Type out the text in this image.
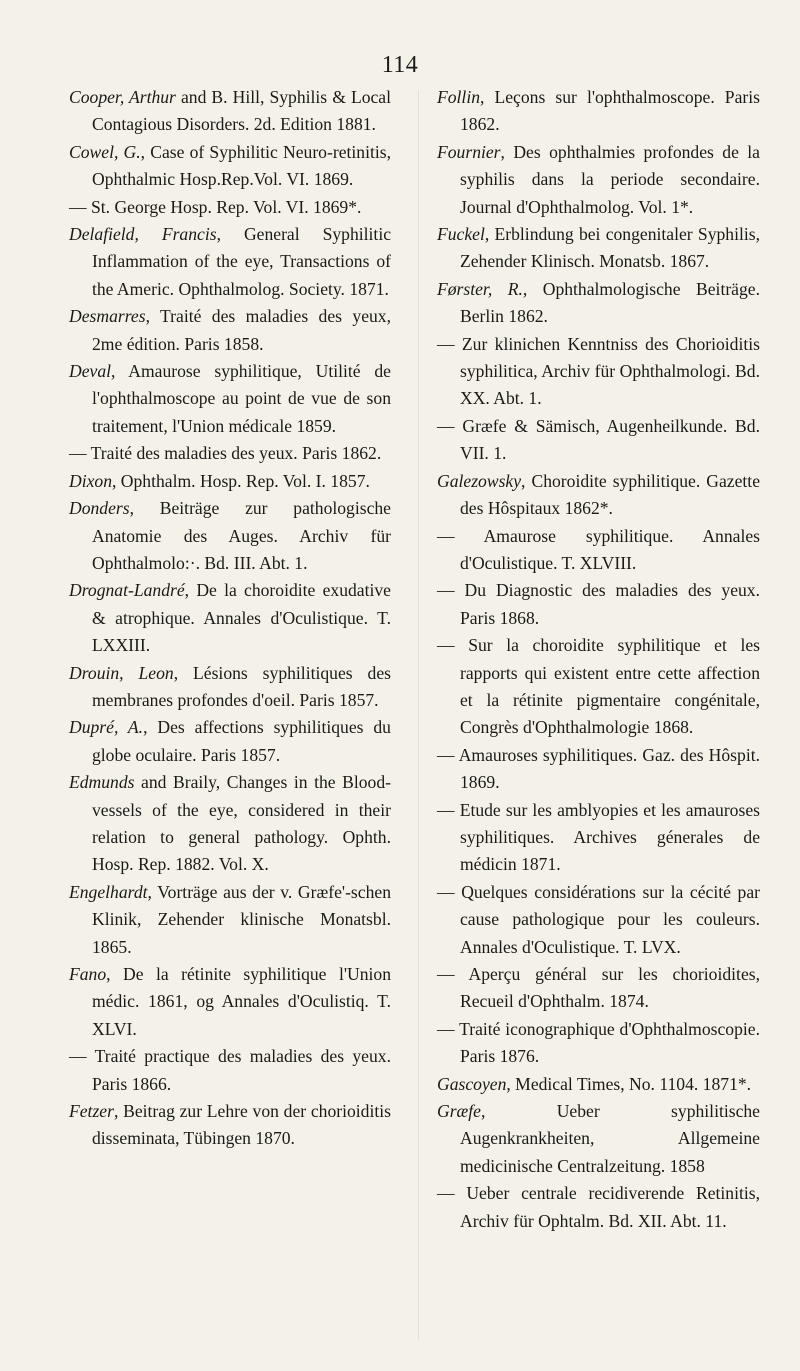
114
Cooper, Arthur and B. Hill, Syphilis & Local Contagious Disorders. 2d. Edition 1881.
Cowel, G., Case of Syphilitic Neuro-retinitis, Ophthalmic Hosp.Rep.Vol. VI. 1869.
— St. George Hosp. Rep. Vol. VI. 1869*.
Delafield, Francis, General Syphilitic Inflammation of the eye, Transactions of the Americ. Ophthalmolog. Society. 1871.
Desmarres, Traité des maladies des yeux, 2me édition. Paris 1858.
Deval, Amaurose syphilitique, Utilité de l'ophthalmoscope au point de vue de son traitement, l'Union médicale 1859.
— Traité des maladies des yeux. Paris 1862.
Dixon, Ophthalm. Hosp. Rep. Vol. I. 1857.
Donders, Beiträge zur pathologische Anatomie des Auges. Archiv für Ophthalmolo:·. Bd. III. Abt. 1.
Drognat-Landré, De la choroidite exudative & atrophique. Annales d'Oculistique. T. LXXIII.
Drouin, Leon, Lésions syphilitiques des membranes profondes d'oeil. Paris 1857.
Dupré, A., Des affections syphilitiques du globe oculaire. Paris 1857.
Edmunds and Braily, Changes in the Blood-vessels of the eye, considered in their relation to general pathology. Ophth. Hosp. Rep. 1882. Vol. X.
Engelhardt, Vorträge aus der v. Græfe'-schen Klinik, Zehender klinische Monatsbl. 1865.
Fano, De la rétinite syphilitique l'Union médic. 1861, og Annales d'Oculistiq. T. XLVI.
— Traité practique des maladies des yeux. Paris 1866.
Fetzer, Beitrag zur Lehre von der chorioiditis disseminata, Tübingen 1870.
Follin, Leçons sur l'ophthalmoscope. Paris 1862.
Fournier, Des ophthalmies profondes de la syphilis dans la periode secondaire. Journal d'Ophthalmolog. Vol. 1*.
Fuckel, Erblindung bei congenitaler Syphilis, Zehender Klinisch. Monatsb. 1867.
Førster, R., Ophthalmologische Beiträge. Berlin 1862.
— Zur klinichen Kenntniss des Chorioiditis syphilitica, Archiv für Ophthalmologi. Bd. XX. Abt. 1.
— Græfe & Sämisch, Augenheilkunde. Bd. VII. 1.
Galezowsky, Choroidite syphilitique. Gazette des Hôspitaux 1862*.
— Amaurose syphilitique. Annales d'Oculistique. T. XLVIII.
— Du Diagnostic des maladies des yeux. Paris 1868.
— Sur la choroidite syphilitique et les rapports qui existent entre cette affection et la rétinite pigmentaire congénitale, Congrès d'Ophthalmologie 1868.
— Amauroses syphilitiques. Gaz. des Hôspit. 1869.
— Etude sur les amblyopies et les amauroses syphilitiques. Archives génerales de médicin 1871.
— Quelques considérations sur la cécité par cause pathologique pour les couleurs. Annales d'Oculistique. T. LVX.
— Aperçu général sur les chorioidites, Recueil d'Ophthalm. 1874.
— Traité iconographique d'Ophthalmoscopie. Paris 1876.
Gascoyen, Medical Times, No. 1104. 1871*.
Græfe, Ueber syphilitische Augenkrankheiten, Allgemeine medicinische Centralzeitung. 1858
— Ueber centrale recidiverende Retinitis, Archiv für Ophtalm. Bd. XII. Abt. 11.
